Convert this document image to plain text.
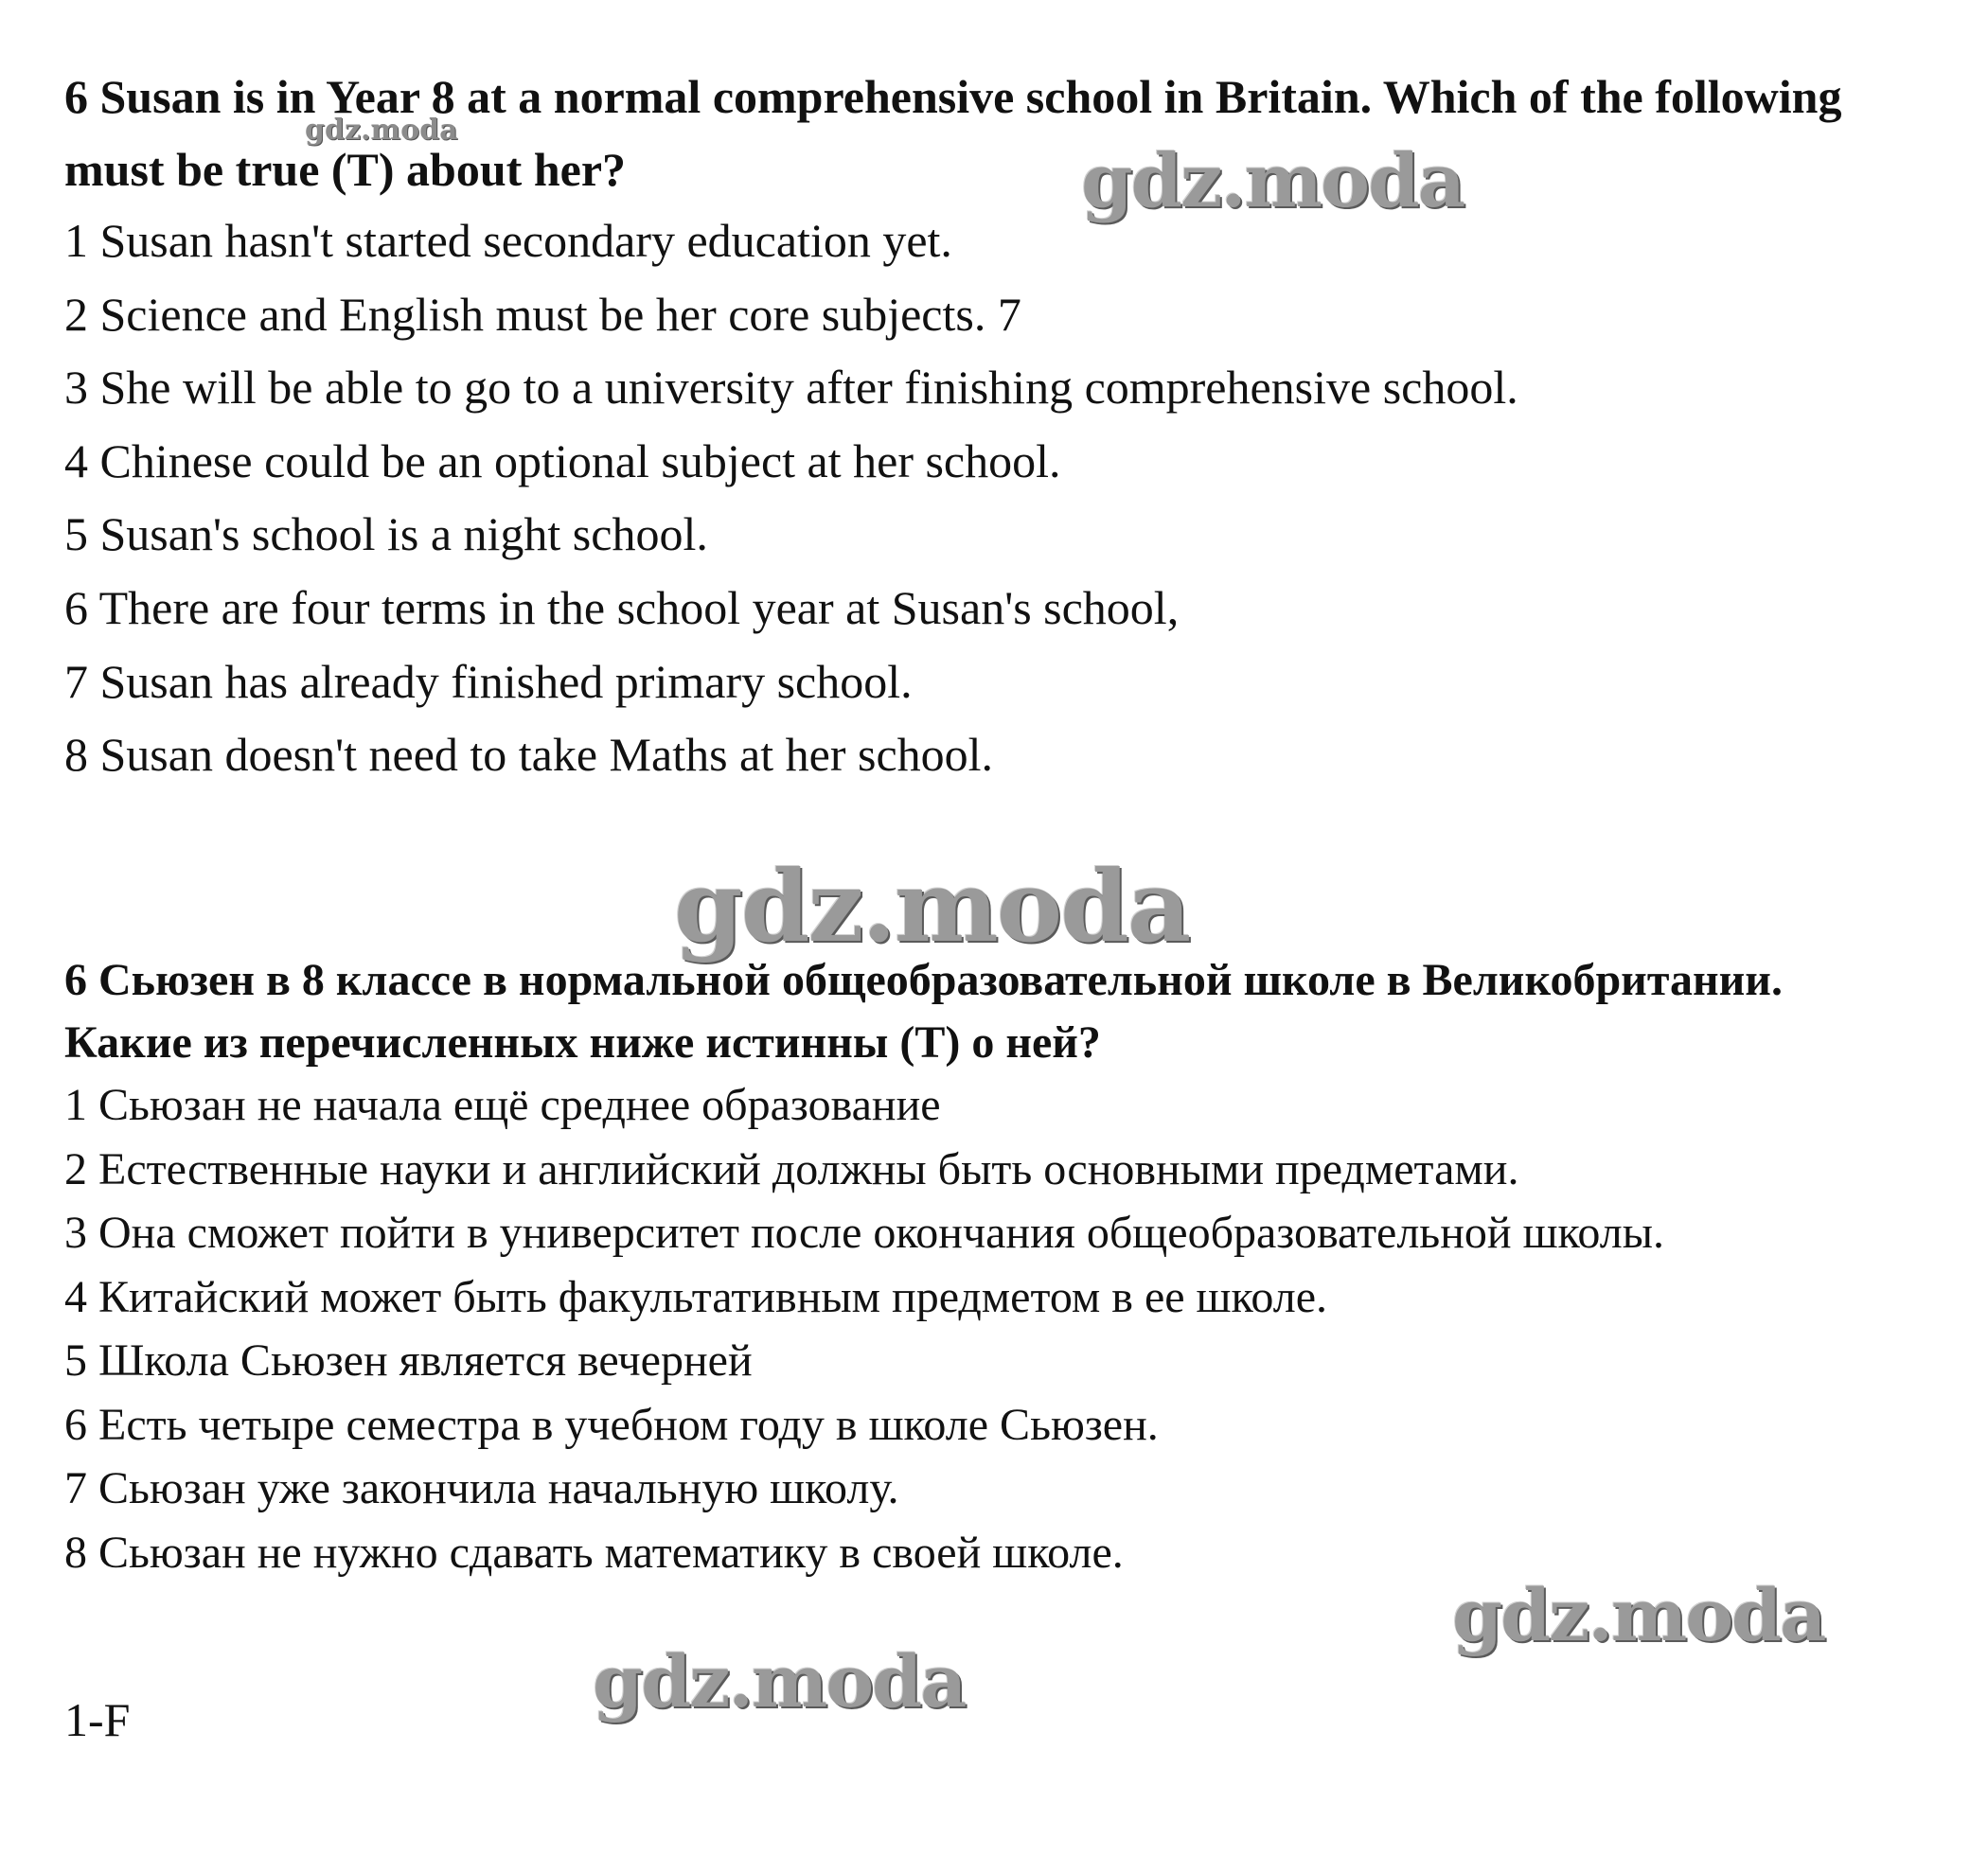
6 Susan is in Year 8 at a normal comprehensive school in Britain. Which of the following must be true (T) about her?

1 Susan hasn't started secondary education yet.
2 Science and English must be her core subjects. 7
3 She will be able to go to a university after finishing comprehensive school.
4 Chinese could be an optional subject at her school.
5 Susan's school is a night school.
6 There are four terms in the school year at Susan's school,
7 Susan has already finished primary school.
8 Susan doesn't need to take Maths at her school.

6 Сьюзен в 8 классе в нормальной общеобразовательной школе в Великобритании. Какие из перечисленных ниже истинны (T) о ней?

1 Сьюзан не начала ещё среднее образование
2 Естественные науки и английский должны быть основными предметами.
3 Она сможет пойти в университет после окончания общеобразовательной школы.
4 Китайский может быть факультативным предметом в ее школе.
5 Школа Сьюзен является вечерней
6 Есть четыре семестра в учебном году в школе Сьюзен.
7 Сьюзан уже закончила начальную школу.
8 Сьюзан не нужно сдавать математику в своей школе.
1-F
gdz.moda
gdz.moda
gdz.moda
gdz.moda
gdz.moda
